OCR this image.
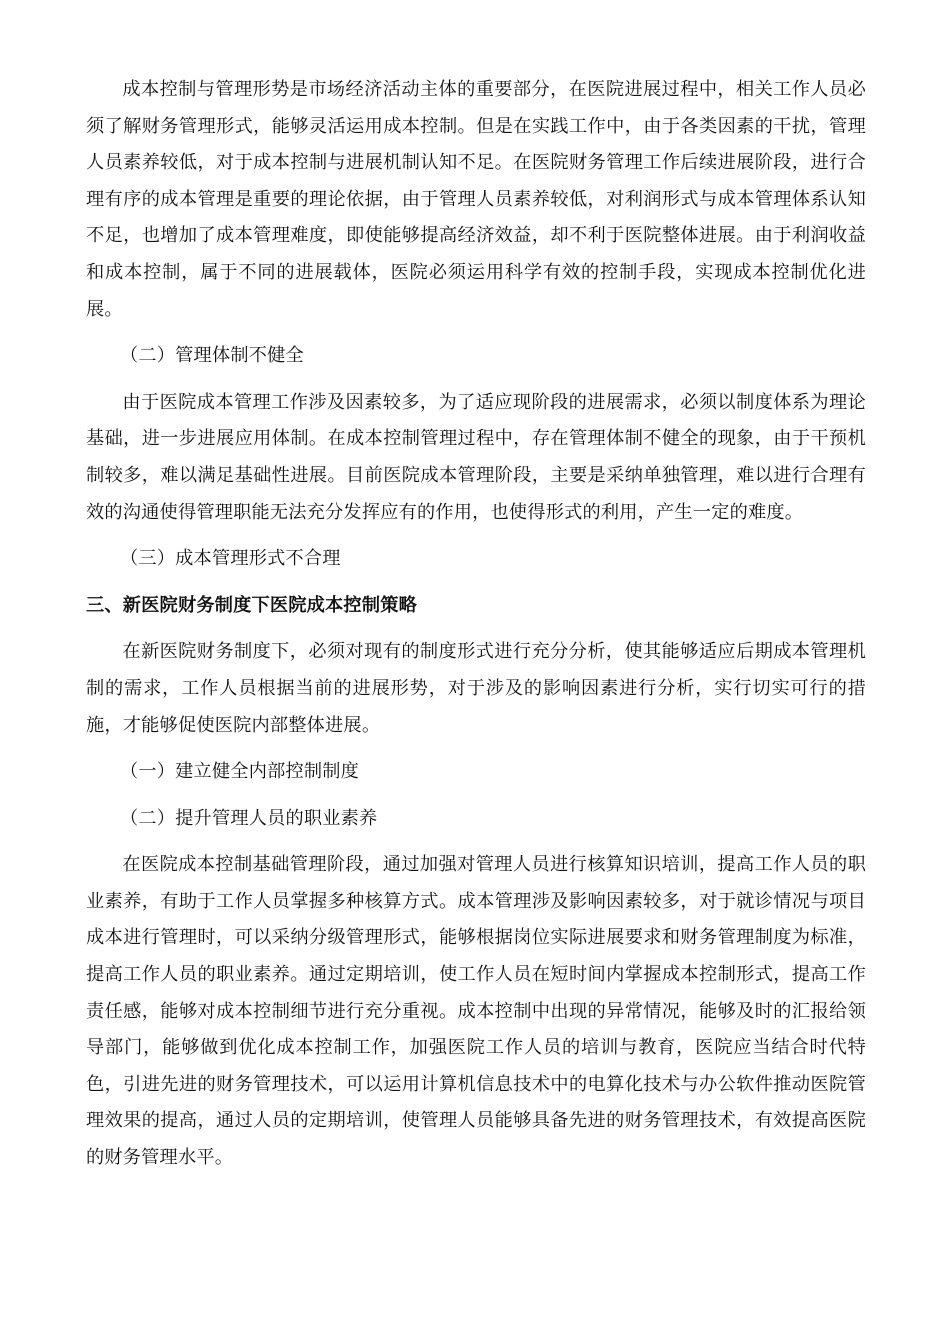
成本控制与管理形势是市场经济活动主体的重要部分，在医院进展过程中，相关工作人员必须了解财务管理形式，能够灵活运用成本控制。但是在实践工作中，由于各类因素的干扰，管理人员素养较低，对于成本控制与进展机制认知不足。在医院财务管理工作后续进展阶段，进行合理有序的成本管理是重要的理论依据，由于管理人员素养较低，对利润形式与成本管理体系认知不足，也增加了成本管理难度，即使能够提高经济效益，却不利于医院整体进展。由于利润收益和成本控制，属于不同的进展载体，医院必须运用科学有效的控制手段，实现成本控制优化进展。

（二）管理体制不健全

由于医院成本管理工作涉及因素较多，为了适应现阶段的进展需求，必须以制度体系为理论基础，进一步进展应用体制。在成本控制管理过程中，存在管理体制不健全的现象，由于干预机制较多，难以满足基础性进展。目前医院成本管理阶段，主要是采纳单独管理，难以进行合理有效的沟通使得管理职能无法充分发挥应有的作用，也使得形式的利用，产生一定的难度。

（三）成本管理形式不合理

三、新医院财务制度下医院成本控制策略

在新医院财务制度下，必须对现有的制度形式进行充分分析，使其能够适应后期成本管理机制的需求，工作人员根据当前的进展形势，对于涉及的影响因素进行分析，实行切实可行的措施，才能够促使医院内部整体进展。

（一）建立健全内部控制制度

（二）提升管理人员的职业素养

在医院成本控制基础管理阶段，通过加强对管理人员进行核算知识培训，提高工作人员的职业素养，有助于工作人员掌握多种核算方式。成本管理涉及影响因素较多，对于就诊情况与项目成本进行管理时，可以采纳分级管理形式，能够根据岗位实际进展要求和财务管理制度为标准，提高工作人员的职业素养。通过定期培训，使工作人员在短时间内掌握成本控制形式，提高工作责任感，能够对成本控制细节进行充分重视。成本控制中出现的异常情况，能够及时的汇报给领导部门，能够做到优化成本控制工作，加强医院工作人员的培训与教育，医院应当结合时代特色，引进先进的财务管理技术，可以运用计算机信息技术中的电算化技术与办公软件推动医院管理效果的提高，通过人员的定期培训，使管理人员能够具备先进的财务管理技术，有效提高医院的财务管理水平。
